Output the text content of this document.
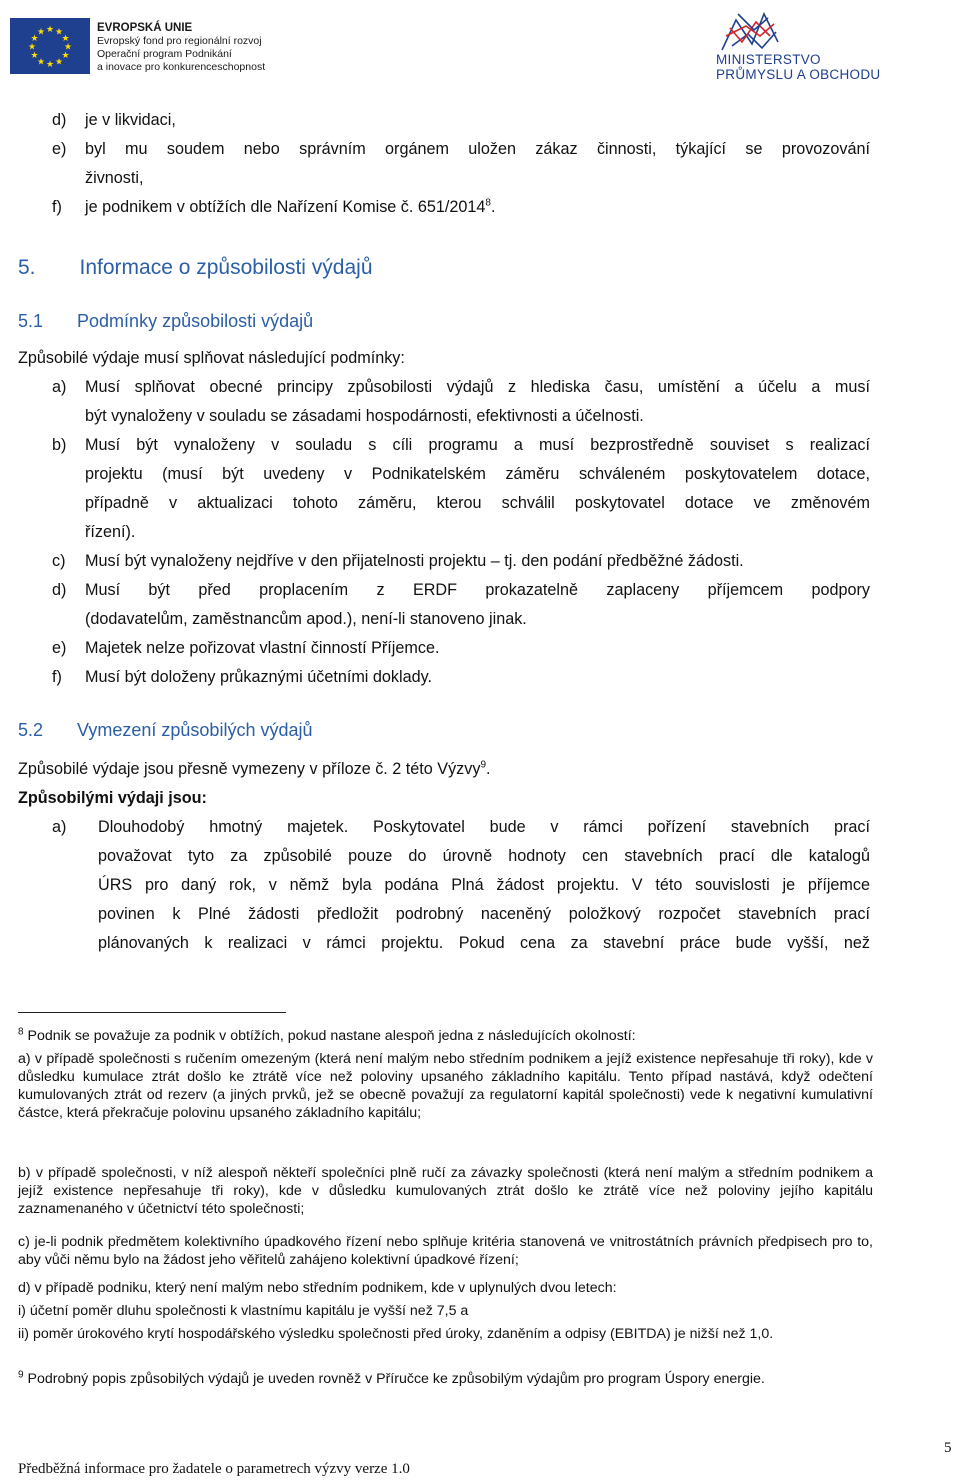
★ ★
★
★
★
★
★
★
★
★
★
★	EVROPSKÁ UNIE
Evropský fond pro regionální rozvoj
Operační program Podnikání
a inovace pro konkurenceschopnost	MINISTERSTVO
PRŮMYSLU A OBCHODU
d) je v likvidaci,
e) byl mu soudem nebo správním orgánem uložen zákaz činnosti, týkající se provozování
živnosti,
f) je podnikem v obtížích dle Nařízení Komise č. 651/2014$^8$.
5. Informace o způsobilosti výdajů
5.1 Podmínky způsobilosti výdajů
Způsobilé výdaje musí splňovat následující podmínky:
a) Musí splňovat obecné principy způsobilosti výdajů z hlediska času, umístění a účelu a musí
být vynaloženy v souladu se zásadami hospodárnosti, efektivnosti a účelnosti.
b) Musí být vynaloženy v souladu s cíli programu a musí bezprostředně souviset s realizací
projektu (musí být uvedeny v Podnikatelském záměru schváleném poskytovatelem dotace,
případně v aktualizaci tohoto záměru, kterou schválil poskytovatel dotace ve změnovém
řízení).
c) Musí být vynaloženy nejdříve v den přijatelnosti projektu – tj. den podání předběžné žádosti.
d) Musí být před proplacením z ERDF prokazatelně zaplaceny příjemcem podpory
(dodavatelům, zaměstnancům apod.), není-li stanoveno jinak.
e) Majetek nelze pořizovat vlastní činností Příjemce.
f) Musí být doloženy průkaznými účetními doklady.
5.2 Vymezení způsobilých výdajů
Způsobilé výdaje jsou přesně vymezeny v příloze č. 2 této Výzvy$^9$.
Způsobilými výdaji jsou:
a) Dlouhodobý hmotný majetek. Poskytovatel bude v rámci pořízení stavebních prací
považovat tyto za způsobilé pouze do úrovně hodnoty cen stavebních prací dle katalogů
ÚRS pro daný rok, v němž byla podána Plná žádost projektu. V této souvislosti je příjemce
povinen k Plné žádosti předložit podrobný naceněný položkový rozpočet stavebních prací
plánovaných k realizaci v rámci projektu. Pokud cena za stavební práce bude vyšší, než
$^8$ Podnik se považuje za podnik v obtížích, pokud nastane alespoň jedna z následujících okolností:
a) v případě společnosti s ručením omezeným (která není malým nebo středním podnikem a jejíž existence nepřesahuje tři roky), kde v důsledku kumulace ztrát došlo ke ztrátě více než poloviny upsaného základního kapitálu. Tento případ nastává, když odečtení kumulovaných ztrát od rezerv (a jiných prvků, jež se obecně považují za regulatorní kapitál společnosti) vede k negativní kumulativní částce, která překračuje polovinu upsaného základního kapitálu;
b) v případě společnosti, v níž alespoň někteří společníci plně ručí za závazky společnosti (která není malým a středním podnikem a jejíž existence nepřesahuje tři roky), kde v důsledku kumulovaných ztrát došlo ke ztrátě více než poloviny jejího kapitálu zaznamenaného v účetnictví této společnosti;
c) je-li podnik předmětem kolektivního úpadkového řízení nebo splňuje kritéria stanovená ve vnitrostátních právních předpisech pro to, aby vůči němu bylo na žádost jeho věřitelů zahájeno kolektivní úpadkové řízení;
d) v případě podniku, který není malým nebo středním podnikem, kde v uplynulých dvou letech:
i) účetní poměr dluhu společnosti k vlastnímu kapitálu je vyšší než 7,5 a
ii) poměr úrokového krytí hospodářského výsledku společnosti před úroky, zdaněním a odpisy (EBITDA) je nižší než 1,0.
$^9$ Podrobný popis způsobilých výdajů je uveden rovněž v Příručce ke způsobilým výdajům pro program Úspory energie.
Předběžná informace pro žadatele o parametrech výzvy verze 1.0
5
